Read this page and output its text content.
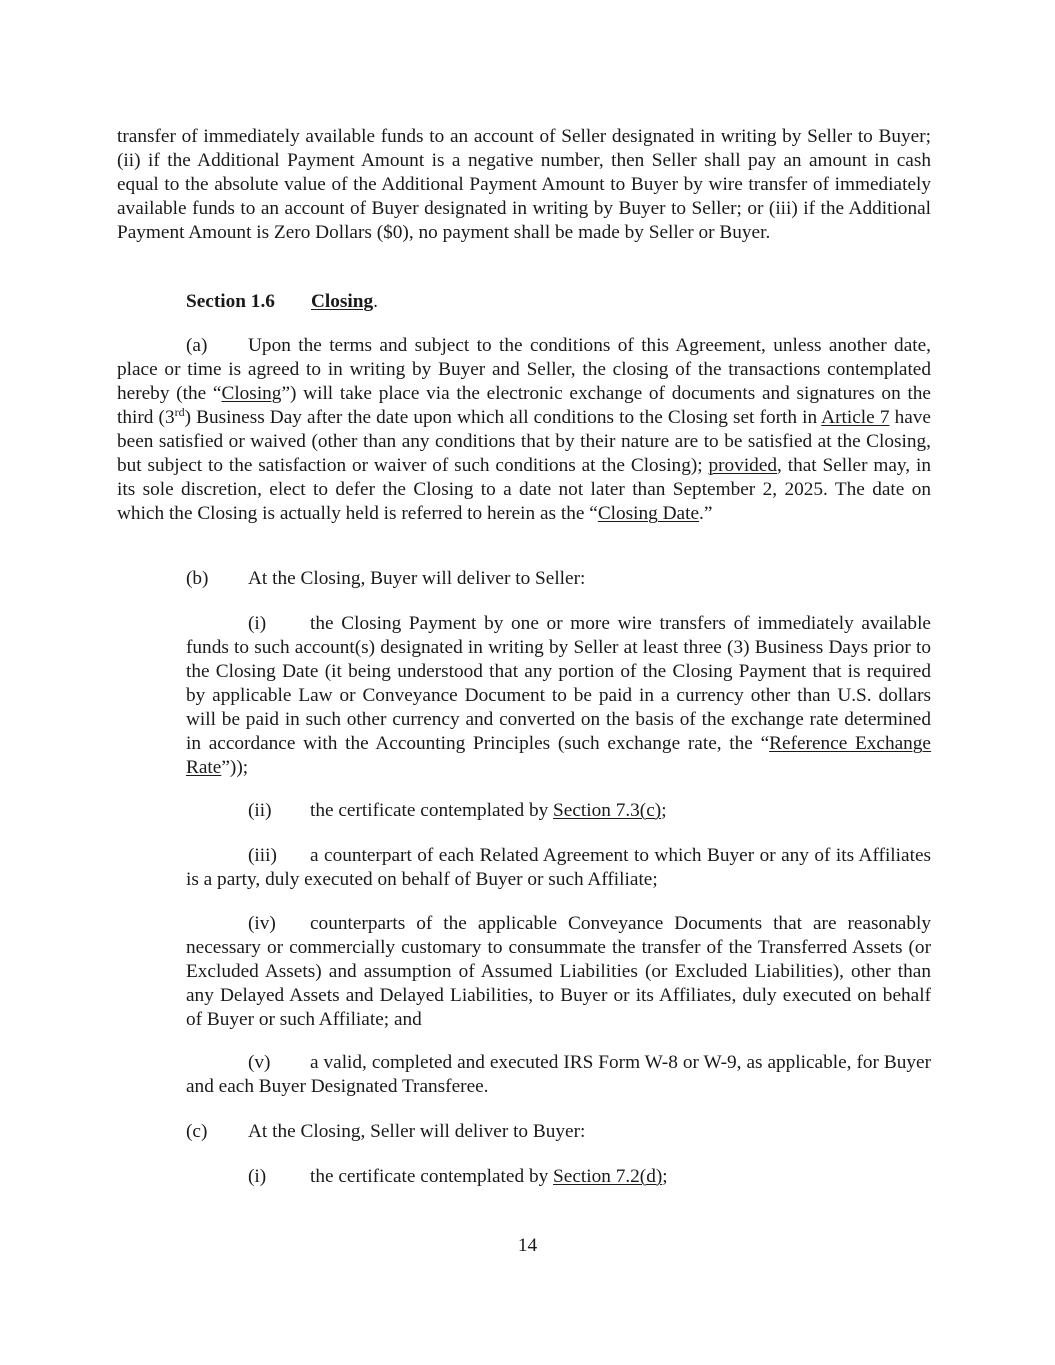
transfer of immediately available funds to an account of Seller designated in writing by Seller to Buyer; (ii) if the Additional Payment Amount is a negative number, then Seller shall pay an amount in cash equal to the absolute value of the Additional Payment Amount to Buyer by wire transfer of immediately available funds to an account of Buyer designated in writing by Buyer to Seller; or (iii) if the Additional Payment Amount is Zero Dollars ($0), no payment shall be made by Seller or Buyer.

Section 1.6 Closing.

(a) Upon the terms and subject to the conditions of this Agreement, unless another date, place or time is agreed to in writing by Buyer and Seller, the closing of the transactions contemplated hereby (the “Closing”) will take place via the electronic exchange of documents and signatures on the third (3rd) Business Day after the date upon which all conditions to the Closing set forth in Article 7 have been satisfied or waived (other than any conditions that by their nature are to be satisfied at the Closing, but subject to the satisfaction or waiver of such conditions at the Closing); provided, that Seller may, in its sole discretion, elect to defer the Closing to a date not later than September 2, 2025. The date on which the Closing is actually held is referred to herein as the “Closing Date.”

(b) At the Closing, Buyer will deliver to Seller:

(i) the Closing Payment by one or more wire transfers of immediately available funds to such account(s) designated in writing by Seller at least three (3) Business Days prior to the Closing Date (it being understood that any portion of the Closing Payment that is required by applicable Law or Conveyance Document to be paid in a currency other than U.S. dollars will be paid in such other currency and converted on the basis of the exchange rate determined in accordance with the Accounting Principles (such exchange rate, the “Reference Exchange Rate”));

(ii) the certificate contemplated by Section 7.3(c);

(iii) a counterpart of each Related Agreement to which Buyer or any of its Affiliates is a party, duly executed on behalf of Buyer or such Affiliate;

(iv) counterparts of the applicable Conveyance Documents that are reasonably necessary or commercially customary to consummate the transfer of the Transferred Assets (or Excluded Assets) and assumption of Assumed Liabilities (or Excluded Liabilities), other than any Delayed Assets and Delayed Liabilities, to Buyer or its Affiliates, duly executed on behalf of Buyer or such Affiliate; and

(v) a valid, completed and executed IRS Form W-8 or W-9, as applicable, for Buyer and each Buyer Designated Transferee.

(c) At the Closing, Seller will deliver to Buyer:

(i) the certificate contemplated by Section 7.2(d);

14
